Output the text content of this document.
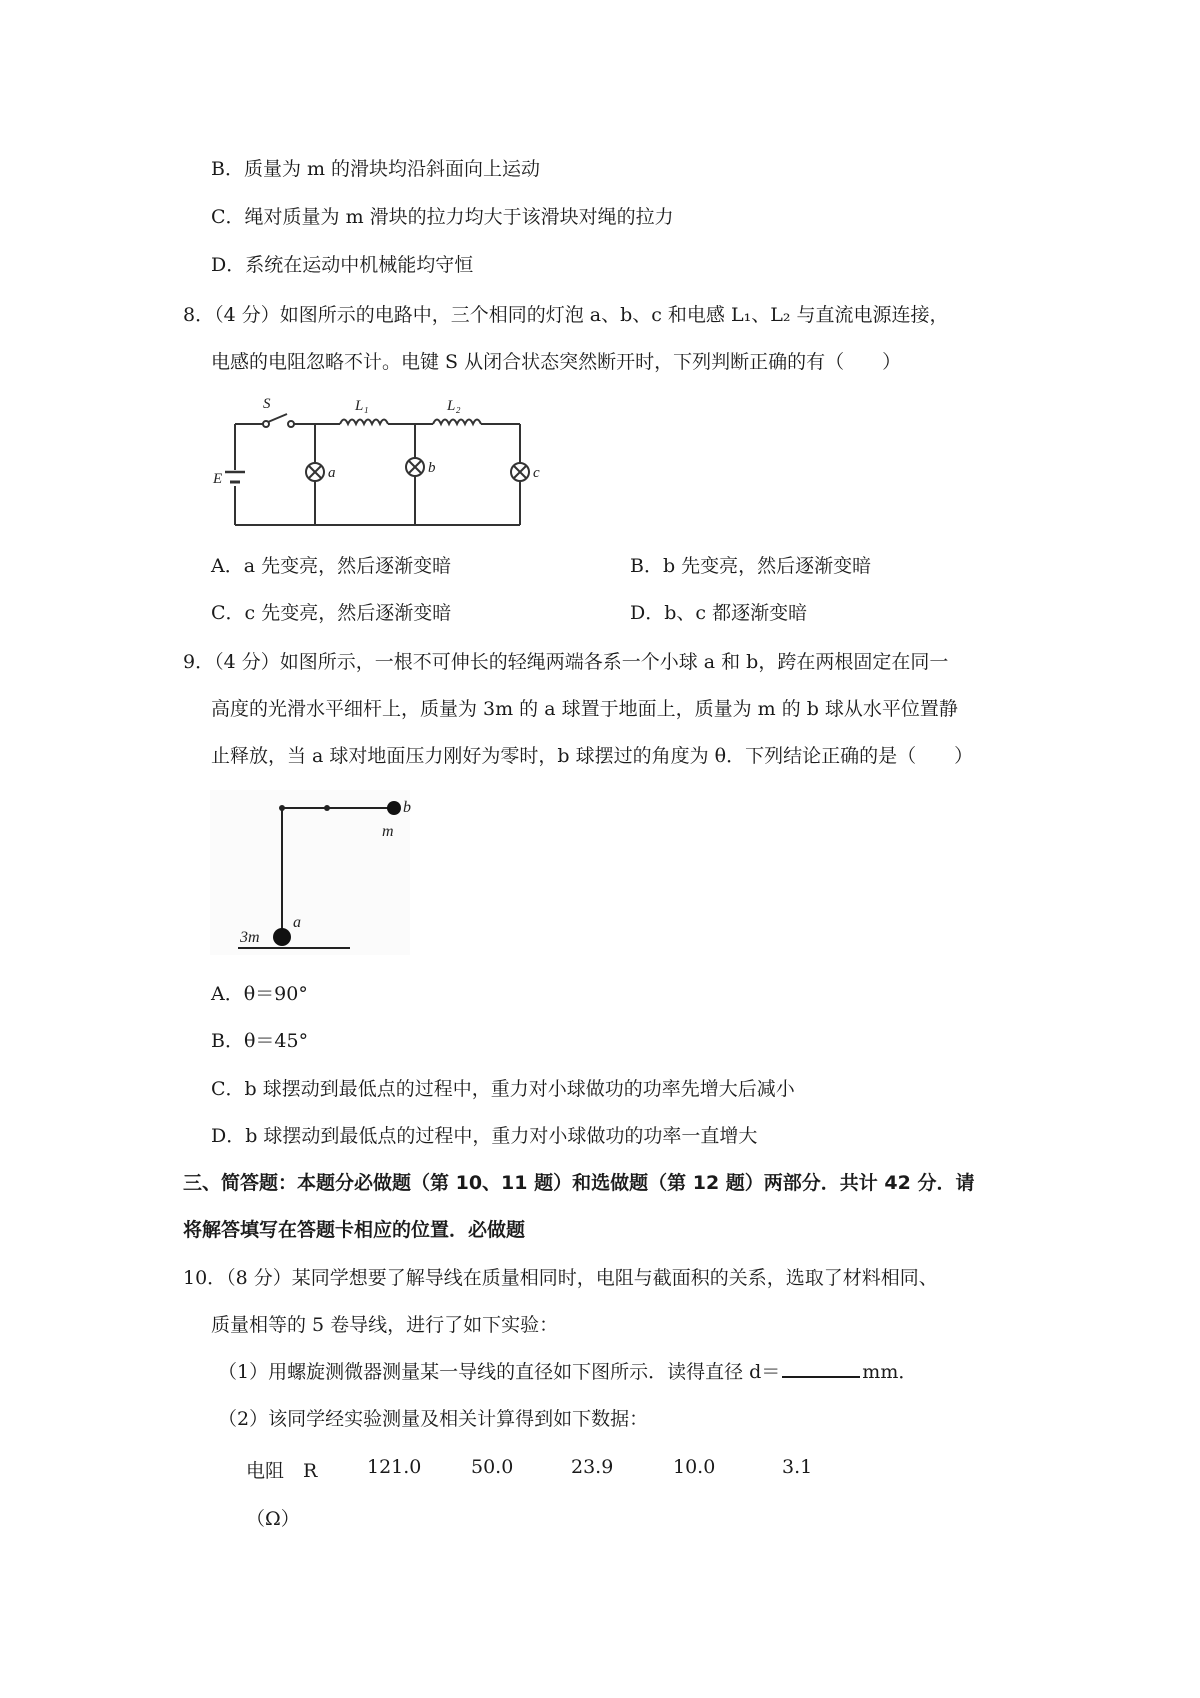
B．质量为 m 的滑块均沿斜面向上运动
C．绳对质量为 m 滑块的拉力均大于该滑块对绳的拉力
D．系统在运动中机械能均守恒
8．（4 分）如图所示的电路中，三个相同的灯泡 a、b、c 和电感 L₁、L₂ 与直流电源连接，
电感的电阻忽略不计。电键 S 从闭合状态突然断开时，下列判断正确的有（　　）
S	L₁	L₂
E	a	b	c
A．a 先变亮，然后逐渐变暗	B．b 先变亮，然后逐渐变暗
C．c 先变亮，然后逐渐变暗	D．b、c 都逐渐变暗
9．（4 分）如图所示，一根不可伸长的轻绳两端各系一个小球 a 和 b，跨在两根固定在同一
高度的光滑水平细杆上，质量为 3m 的 a 球置于地面上，质量为 m 的 b 球从水平位置静
止释放，当 a 球对地面压力刚好为零时，b 球摆过的角度为 θ．下列结论正确的是（　　）
b
m
a
3m
A．θ＝90°
B．θ＝45°
C．b 球摆动到最低点的过程中，重力对小球做功的功率先增大后减小
D．b 球摆动到最低点的过程中，重力对小球做功的功率一直增大
三、简答题：本题分必做题（第 10、11 题）和选做题（第 12 题）两部分．共计 42 分．请
将解答填写在答题卡相应的位置．必做题
10．（8 分）某同学想要了解导线在质量相同时，电阻与截面积的关系，选取了材料相同、
质量相等的 5 卷导线，进行了如下实验：
（1）用螺旋测微器测量某一导线的直径如下图所示．读得直径 d＝	mm．
（2）该同学经实验测量及相关计算得到如下数据：
电阻　R	121.0	50.0	23.9	10.0	3.1
（Ω）
